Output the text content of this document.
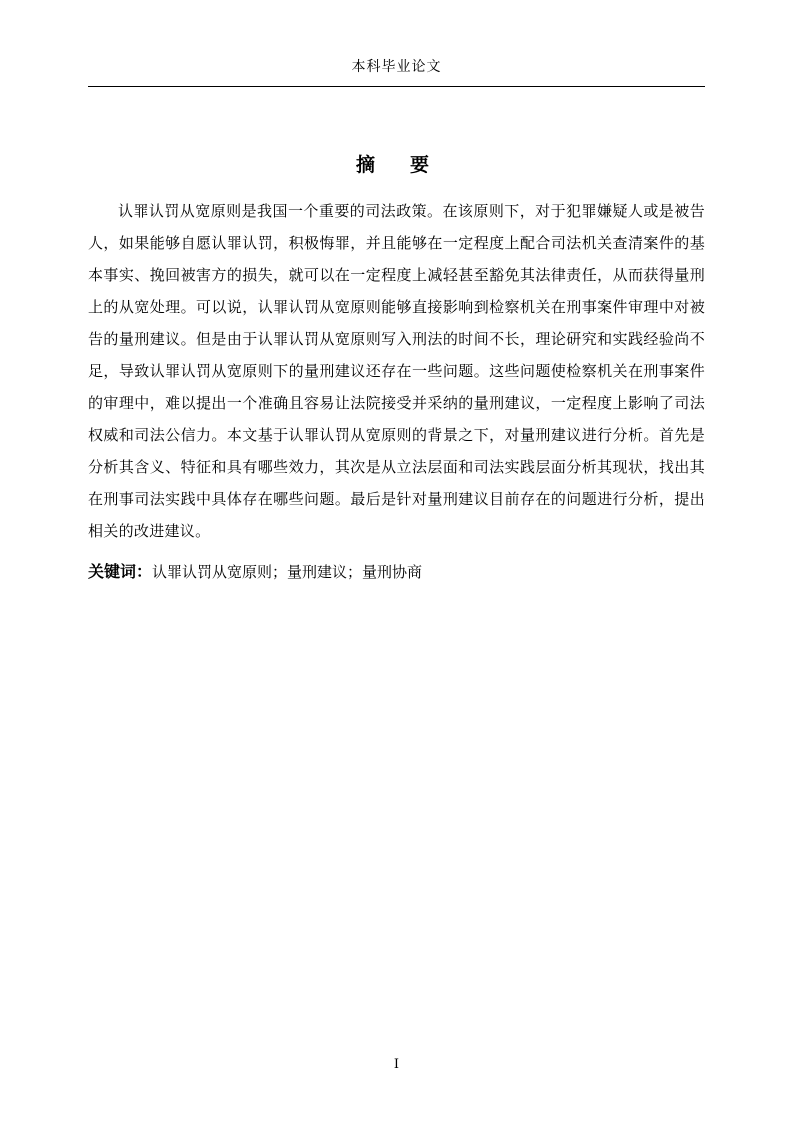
本科毕业论文
摘　要
认罪认罚从宽原则是我国一个重要的司法政策。在该原则下，对于犯罪嫌疑人或是被告人，如果能够自愿认罪认罚，积极悔罪，并且能够在一定程度上配合司法机关查清案件的基本事实、挽回被害方的损失，就可以在一定程度上减轻甚至豁免其法律责任，从而获得量刑上的从宽处理。可以说，认罪认罚从宽原则能够直接影响到检察机关在刑事案件审理中对被告的量刑建议。但是由于认罪认罚从宽原则写入刑法的时间不长，理论研究和实践经验尚不足，导致认罪认罚从宽原则下的量刑建议还存在一些问题。这些问题使检察机关在刑事案件的审理中，难以提出一个准确且容易让法院接受并采纳的量刑建议，一定程度上影响了司法权威和司法公信力。本文基于认罪认罚从宽原则的背景之下，对量刑建议进行分析。首先是分析其含义、特征和具有哪些效力，其次是从立法层面和司法实践层面分析其现状，找出其在刑事司法实践中具体存在哪些问题。最后是针对量刑建议目前存在的问题进行分析，提出相关的改进建议。
关键词：认罪认罚从宽原则；量刑建议；量刑协商
I
